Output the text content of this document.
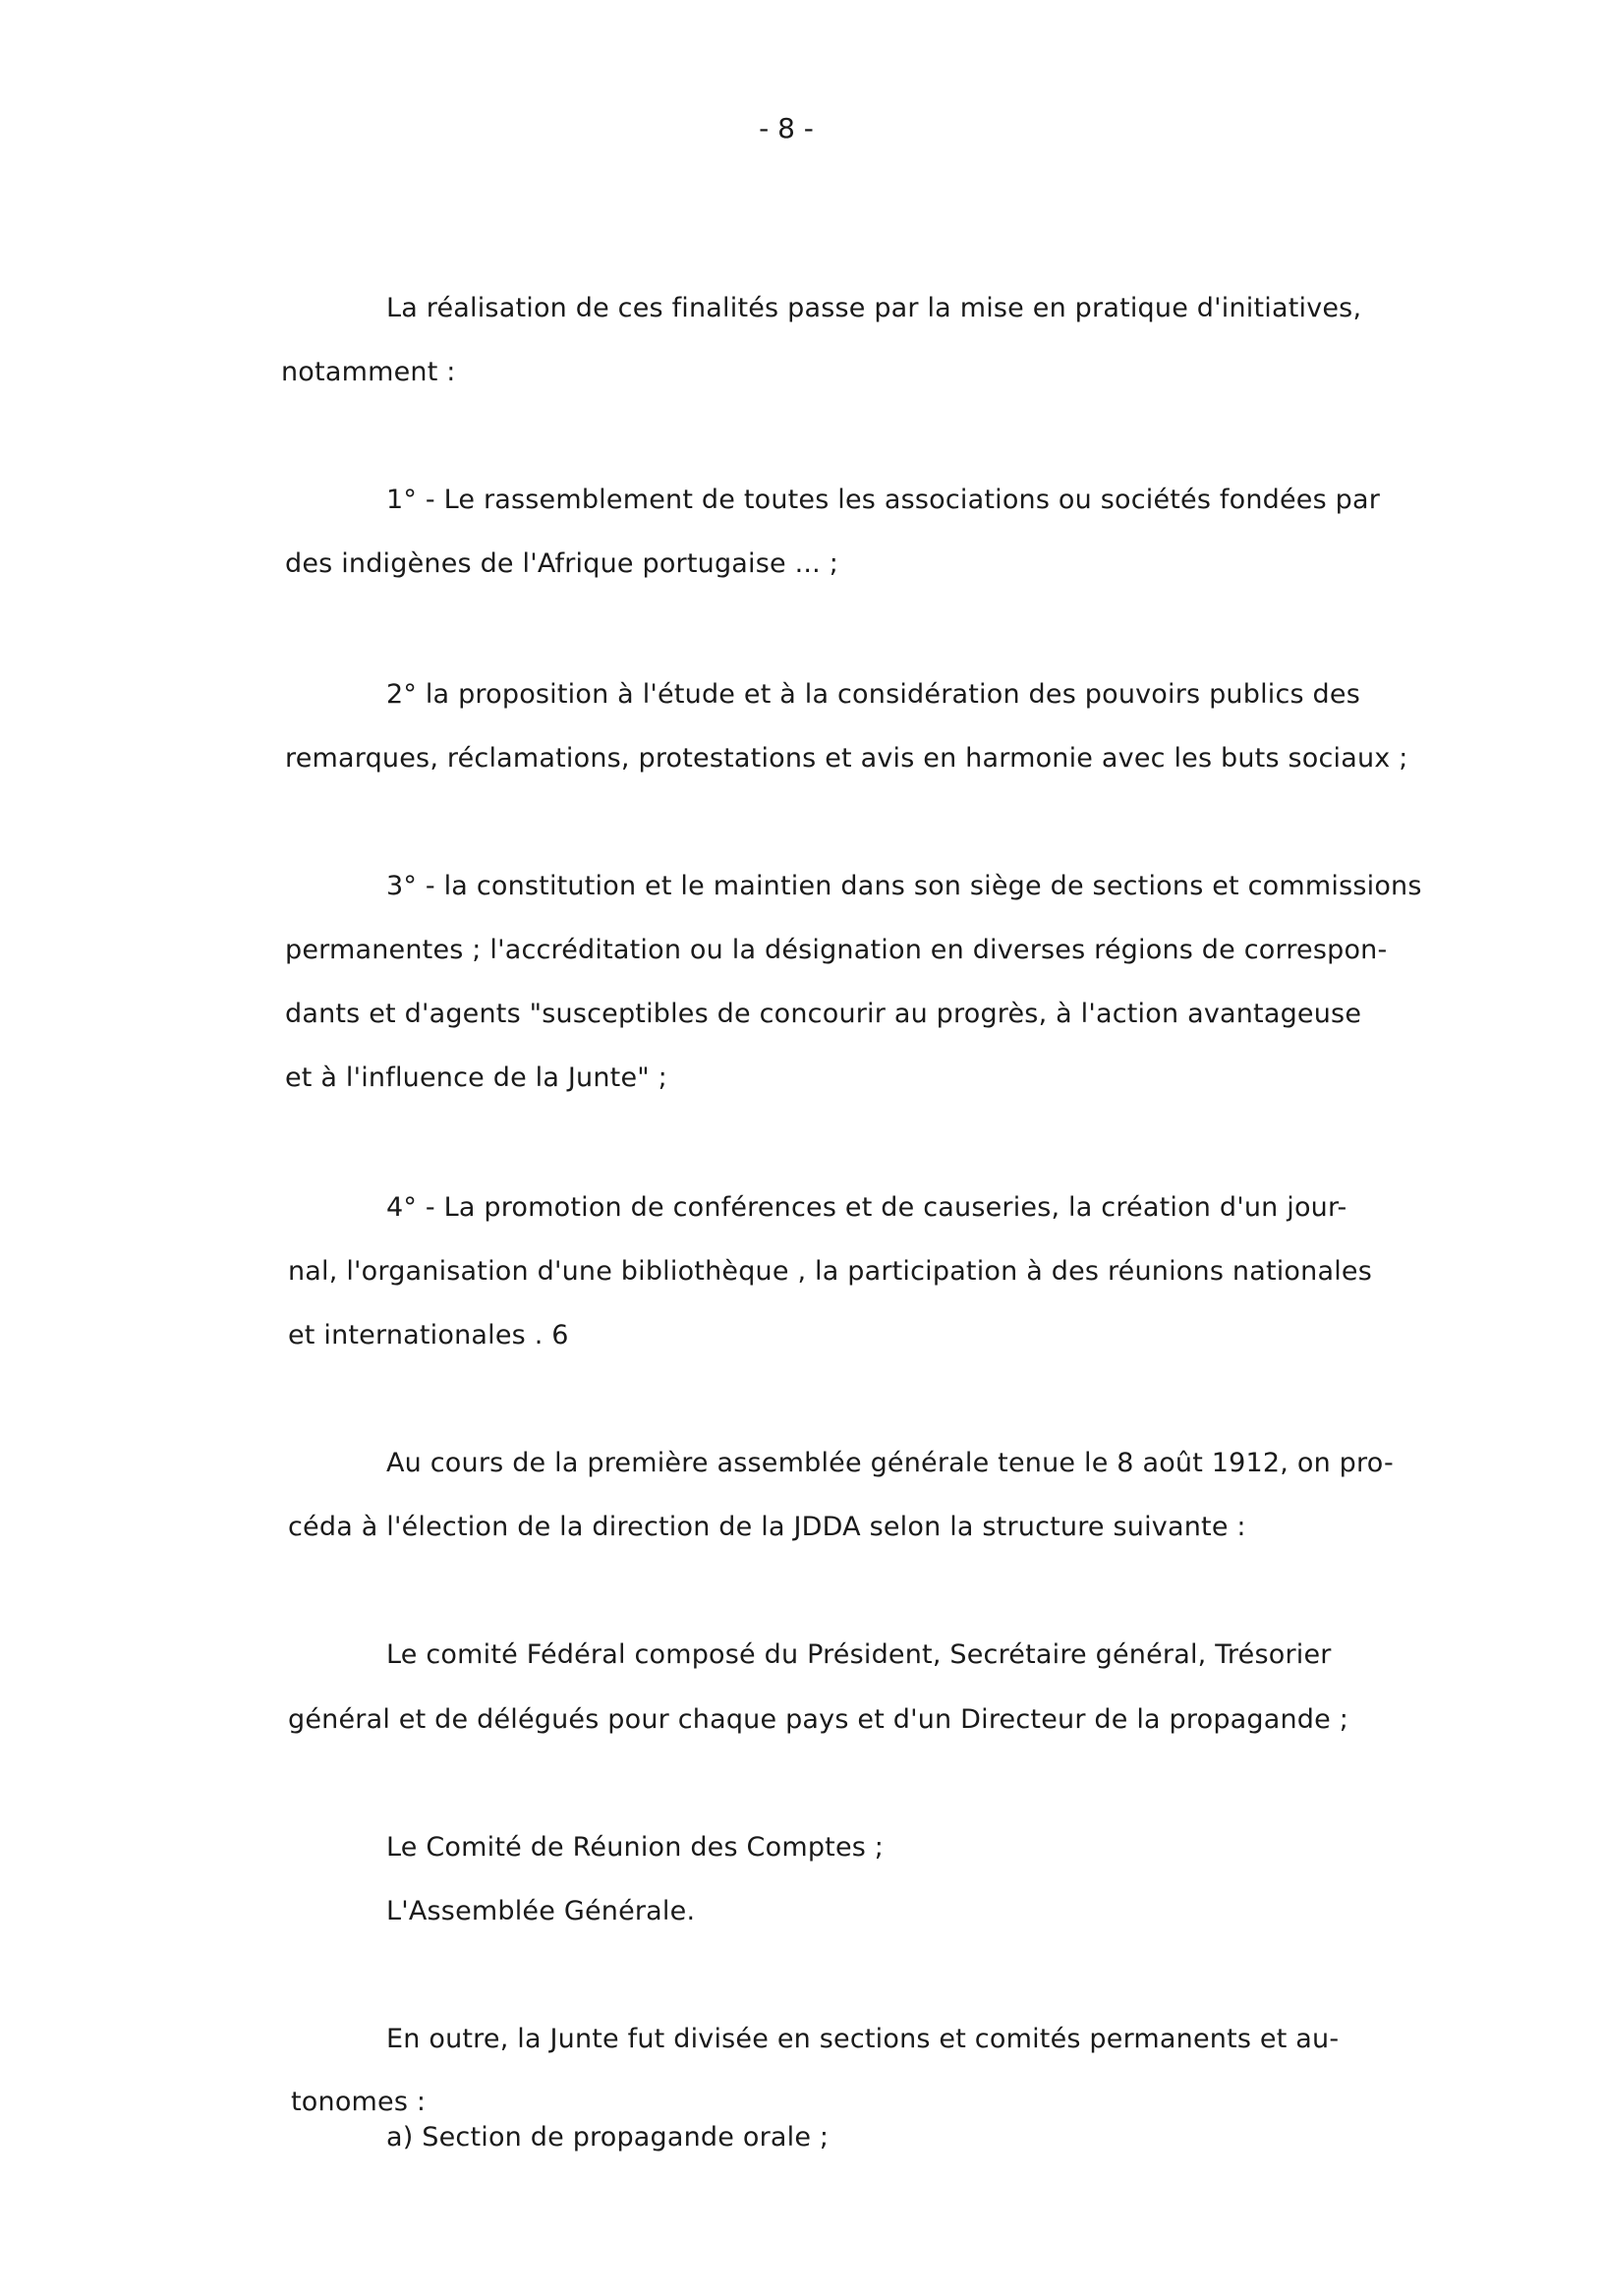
- 8 -
La réalisation de ces finalités passe par la mise en pratique d'initiatives,
notamment :
1° - Le rassemblement de toutes les associations ou sociétés fondées par
des indigènes de l'Afrique portugaise ... ;
2° la proposition à l'étude et à la considération des pouvoirs publics des
remarques, réclamations, protestations et avis en harmonie avec les buts sociaux ;
3° - la constitution et le maintien dans son siège de sections et commissions
permanentes ; l'accréditation ou la désignation en diverses régions de correspon-
dants et d'agents "susceptibles de concourir au progrès, à l'action avantageuse
et à l'influence de la Junte" ;
4° - La promotion de conférences et de causeries, la création d'un jour-
nal, l'organisation d'une bibliothèque , la participation à des réunions nationales
et internationales . 6
Au cours de la première assemblée générale tenue le 8 août 1912, on pro-
céda à l'élection de la direction de la JDDA selon la structure suivante :
Le comité Fédéral composé du Président, Secrétaire général, Trésorier
général et de délégués pour chaque pays et d'un Directeur de la propagande ;
Le Comité de Réunion des Comptes ;
L'Assemblée Générale.
En outre, la Junte fut divisée en sections et comités permanents et au-
tonomes :
a) Section de propagande orale ;
